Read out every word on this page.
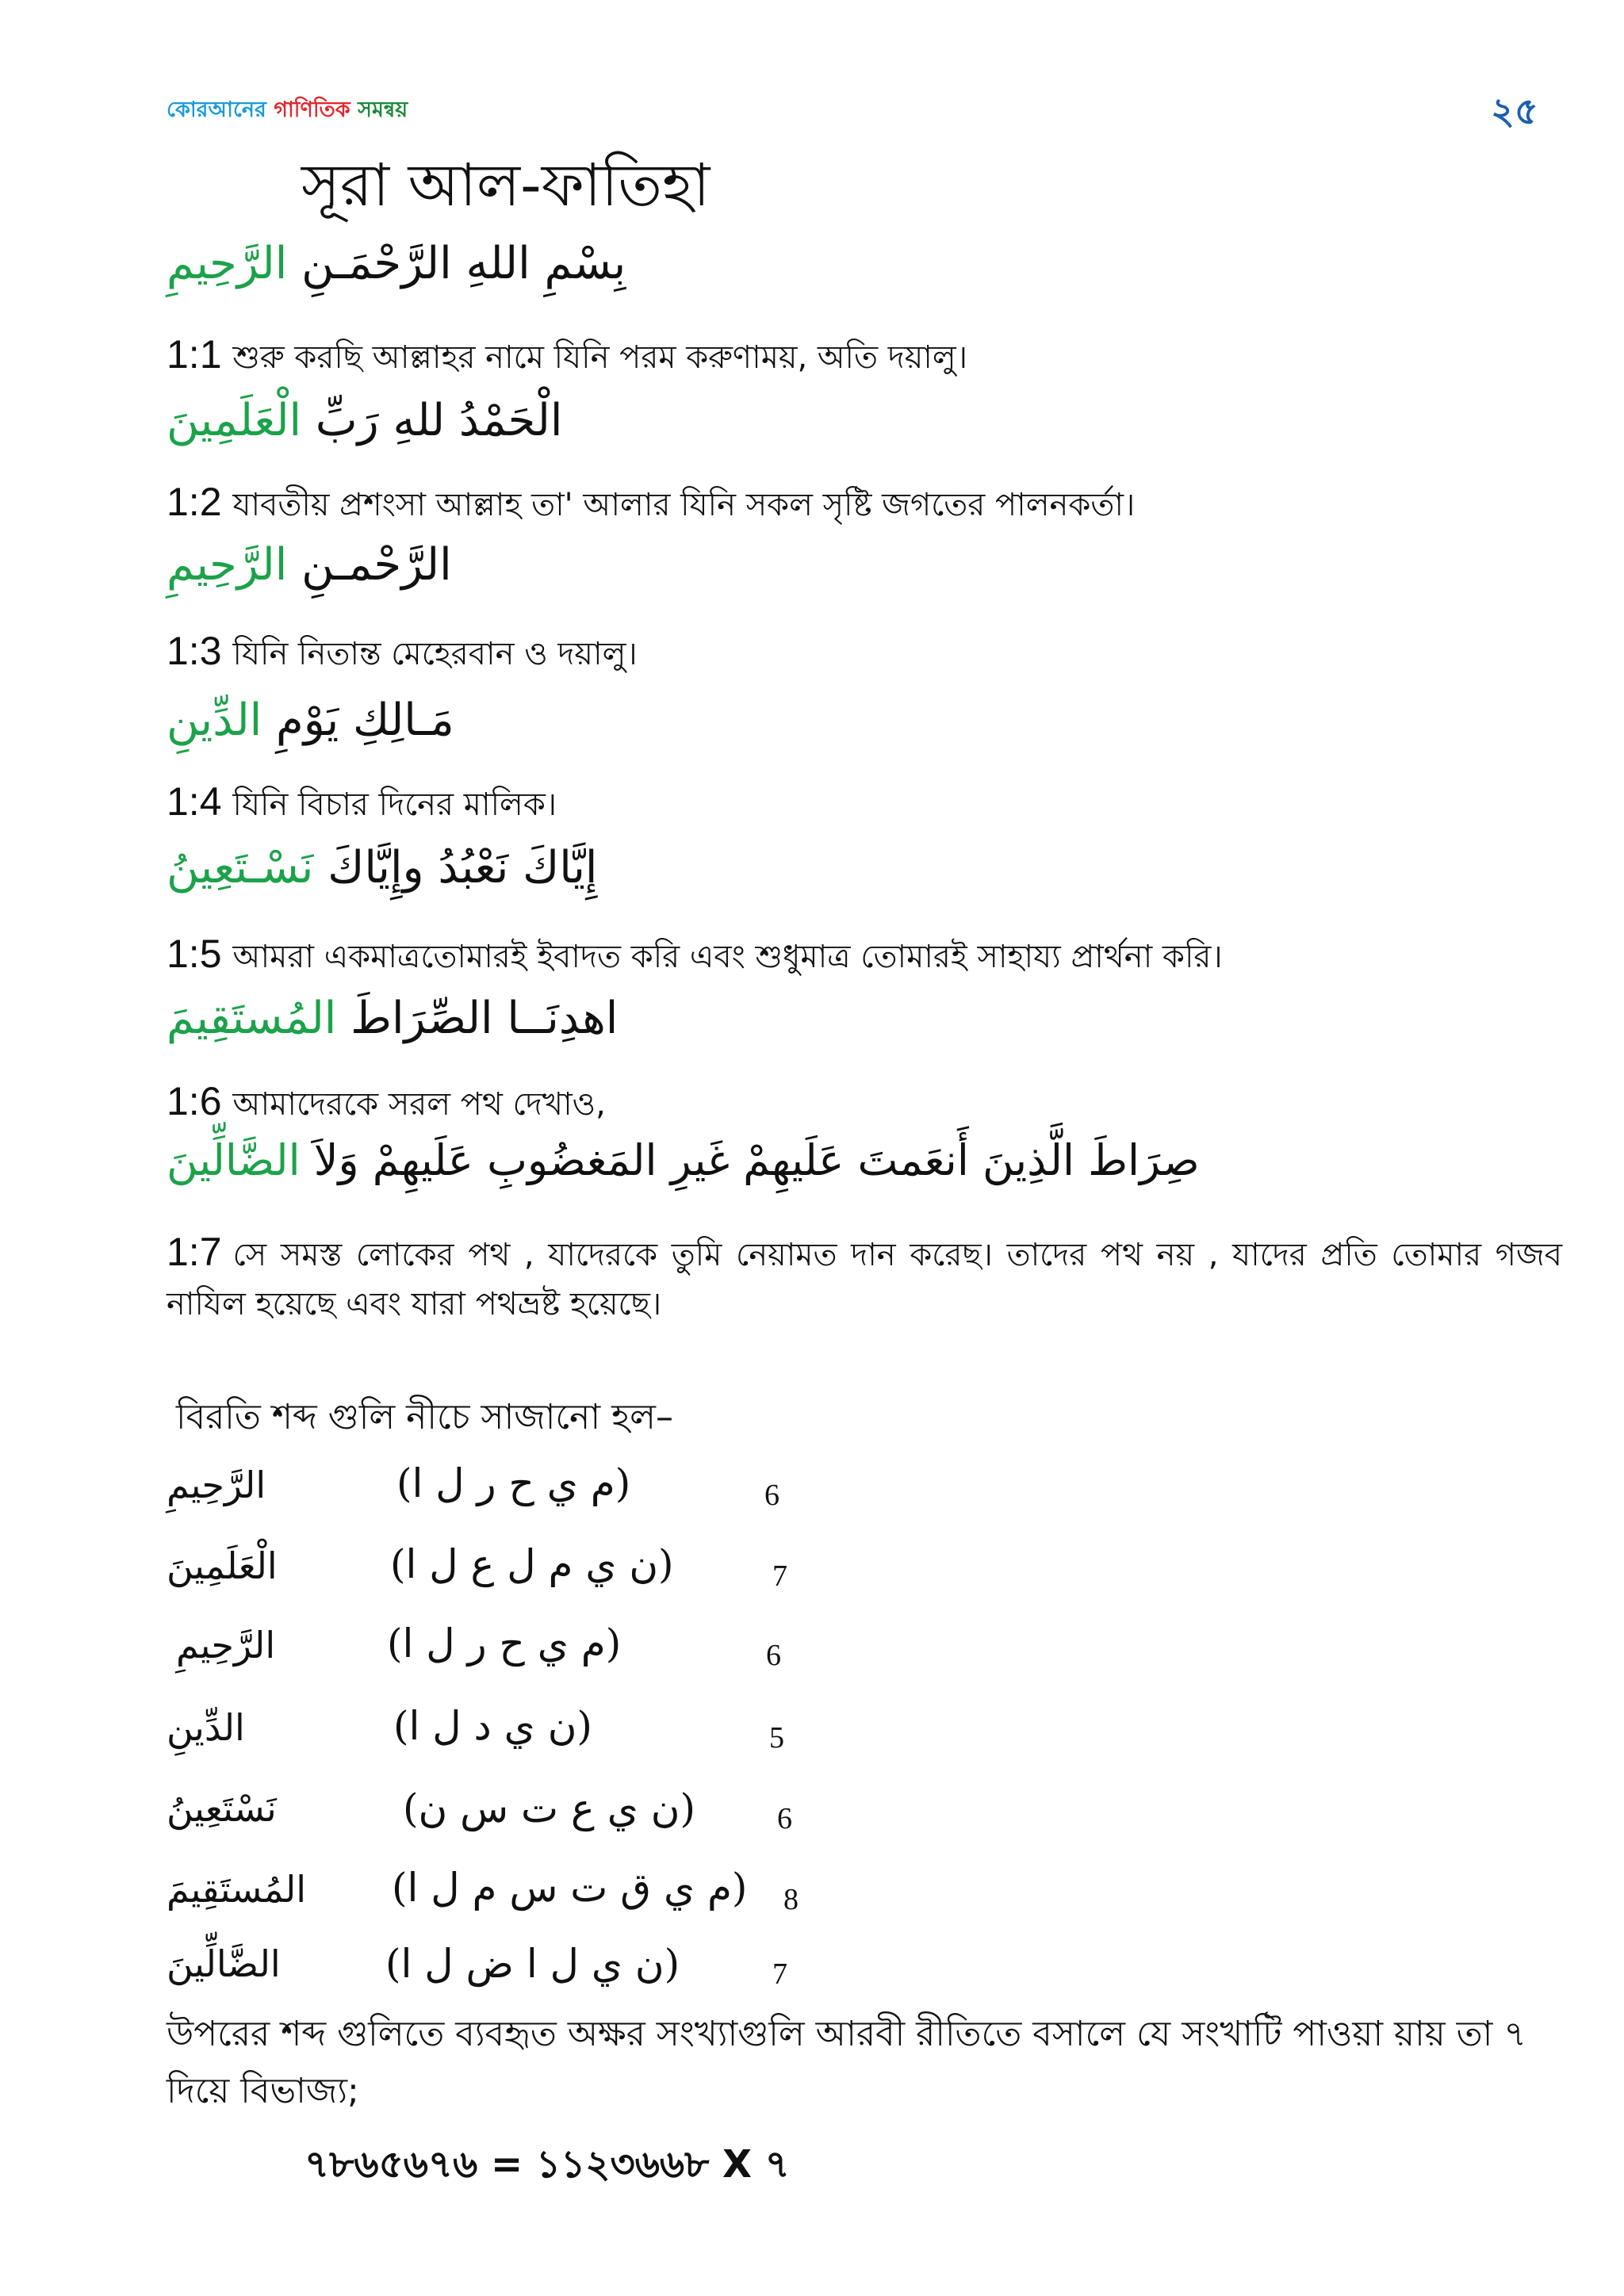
কোরআনের গাণিতিক সমন্বয়	২৫
সূরা আল-ফাতিহা
بِسْمِ اللهِ الرَّحْمَـنِ الرَّحِيمِ
1:1 শুরু করছি আল্লাহর নামে যিনি পরম করুণাময়, অতি দয়ালু।
الْحَمْدُ للهِ رَبِّ الْعَلَمِينَ
1:2 যাবতীয় প্রশংসা আল্লাহ তা' আলার যিনি সকল সৃষ্টি জগতের পালনকর্তা।
الرَّحْمـنِ الرَّحِيمِ
1:3 যিনি নিতান্ত মেহেরবান ও দয়ালু।
مَـالِكِ يَوْمِ الدِّينِ
1:4 যিনি বিচার দিনের মালিক।
إِيَّاكَ نَعْبُدُ وإِيَّاكَ نَسْـتَعِينُ
1:5 আমরা একমাত্রতোমারই ইবাদত করি এবং শুধুমাত্র তোমারই সাহায্য প্রার্থনা করি।
اهدِنَــا الصِّرَاطَ المُستَقِيمَ
1:6 আমাদেরকে সরল পথ দেখাও,
صِرَاطَ الَّذِينَ أَنعَمتَ عَلَيهِمْ غَيرِ المَغضُوبِ عَلَيهِمْ وَلاَ الضَّالِّينَ
1:7 সে সমস্ত লোকের পথ , যাদেরকে তুমি নেয়ামত দান করেছ। তাদের পথ নয় , যাদের প্রতি তোমার গজব নাযিল হয়েছে এবং যারা পথভ্রষ্ট হয়েছে।
বিরতি শব্দ গুলি নীচে সাজানো হল–
الرَّحِيمِ	(م ي ح ر ل ا)	6
الْعَلَمِينَ	(ن ي م ل ع ل ا)	7
الرَّحِيمِ	(م ي ح ر ل ا)	6
الدِّينِ	(ن ي د ل ا)	5
نَسْتَعِينُ	(ن ي ع ت س ن)	6
المُستَقِيمَ (م ي ق ت س م ل ا) 8
الضَّالِّينَ	(ن ي ل ا ض ل ا)	7
উপরের শব্দ গুলিতে ব্যবহৃত অক্ষর সংখ্যাগুলি আরবী রীতিতে বসালে যে সংখাটি পাওয়া য়ায় তা ৭ দিয়ে বিভাজ্য;
৭৮৬৫৬৭৬ = ১১২৩৬৬৮ X ৭
